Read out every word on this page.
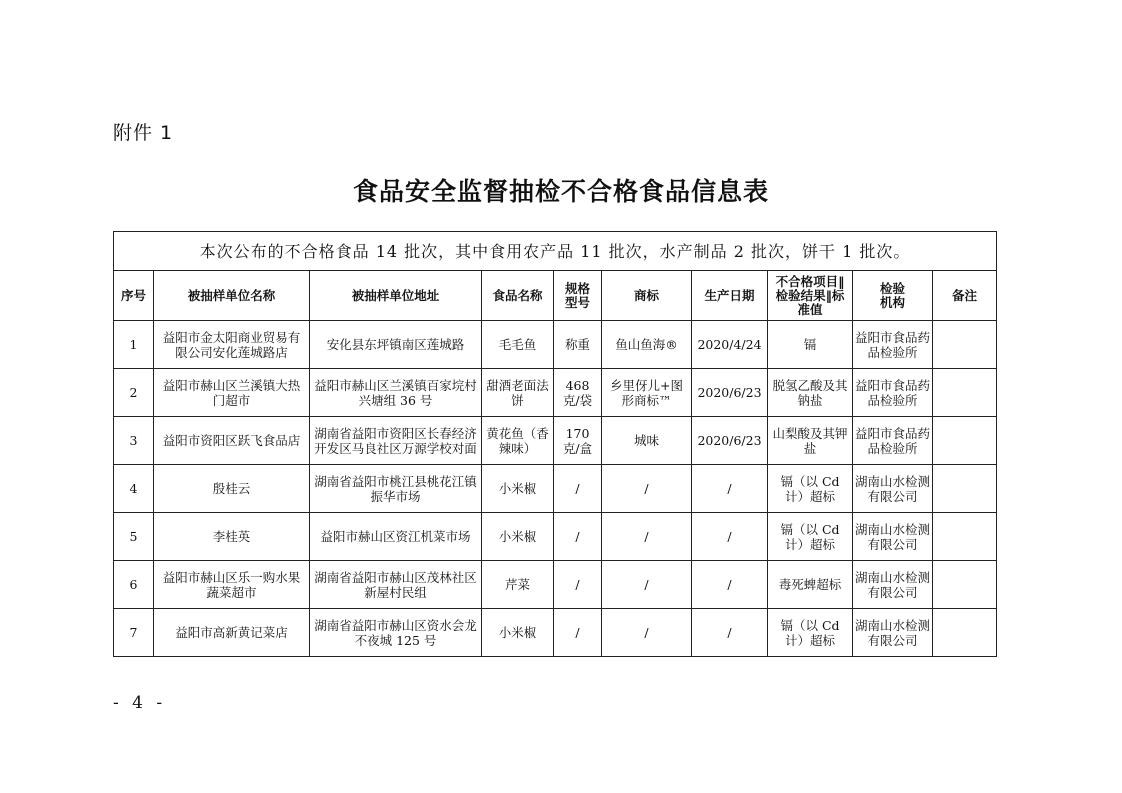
附件 1
食品安全监督抽检不合格食品信息表
本次公布的不合格食品 14 批次，其中食用农产品 11 批次，水产制品 2 批次，饼干 1 批次。									
序号	被抽样单位名称	被抽样单位地址	食品名称	规格型号	商标	生产日期	不合格项目‖检验结果‖标准值	检验机构	备注
1	益阳市金太阳商业贸易有限公司安化莲城路店	安化县东坪镇南区莲城路	毛毛鱼	称重	鱼山鱼海®	2020/4/24	镉	益阳市食品药品检验所	
2	益阳市赫山区兰溪镇大热门超市	益阳市赫山区兰溪镇百家垸村兴塘组 36 号	甜酒老面法饼	468 克/袋	乡里伢儿+图形商标™	2020/6/23	脱氢乙酸及其钠盐	益阳市食品药品检验所	
3	益阳市资阳区跃飞食品店	湖南省益阳市资阳区长春经济开发区马良社区万源学校对面	黄花鱼（香辣味）	170 克/盒	城味	2020/6/23	山梨酸及其钾盐	益阳市食品药品检验所	
4	殷桂云	湖南省益阳市桃江县桃花江镇振华市场	小米椒	/	/	/	镉（以 Cd 计）超标	湖南山水检测有限公司	
5	李桂英	益阳市赫山区资江机菜市场	小米椒	/	/	/	镉（以 Cd 计）超标	湖南山水检测有限公司	
6	益阳市赫山区乐一购水果蔬菜超市	湖南省益阳市赫山区茂林社区新屋村民组	芹菜	/	/	/	毒死蜱超标	湖南山水检测有限公司	
7	益阳市高新黄记菜店	湖南省益阳市赫山区资水会龙不夜城 125 号	小米椒	/	/	/	镉（以 Cd 计）超标	湖南山水检测有限公司	
- 4 -
